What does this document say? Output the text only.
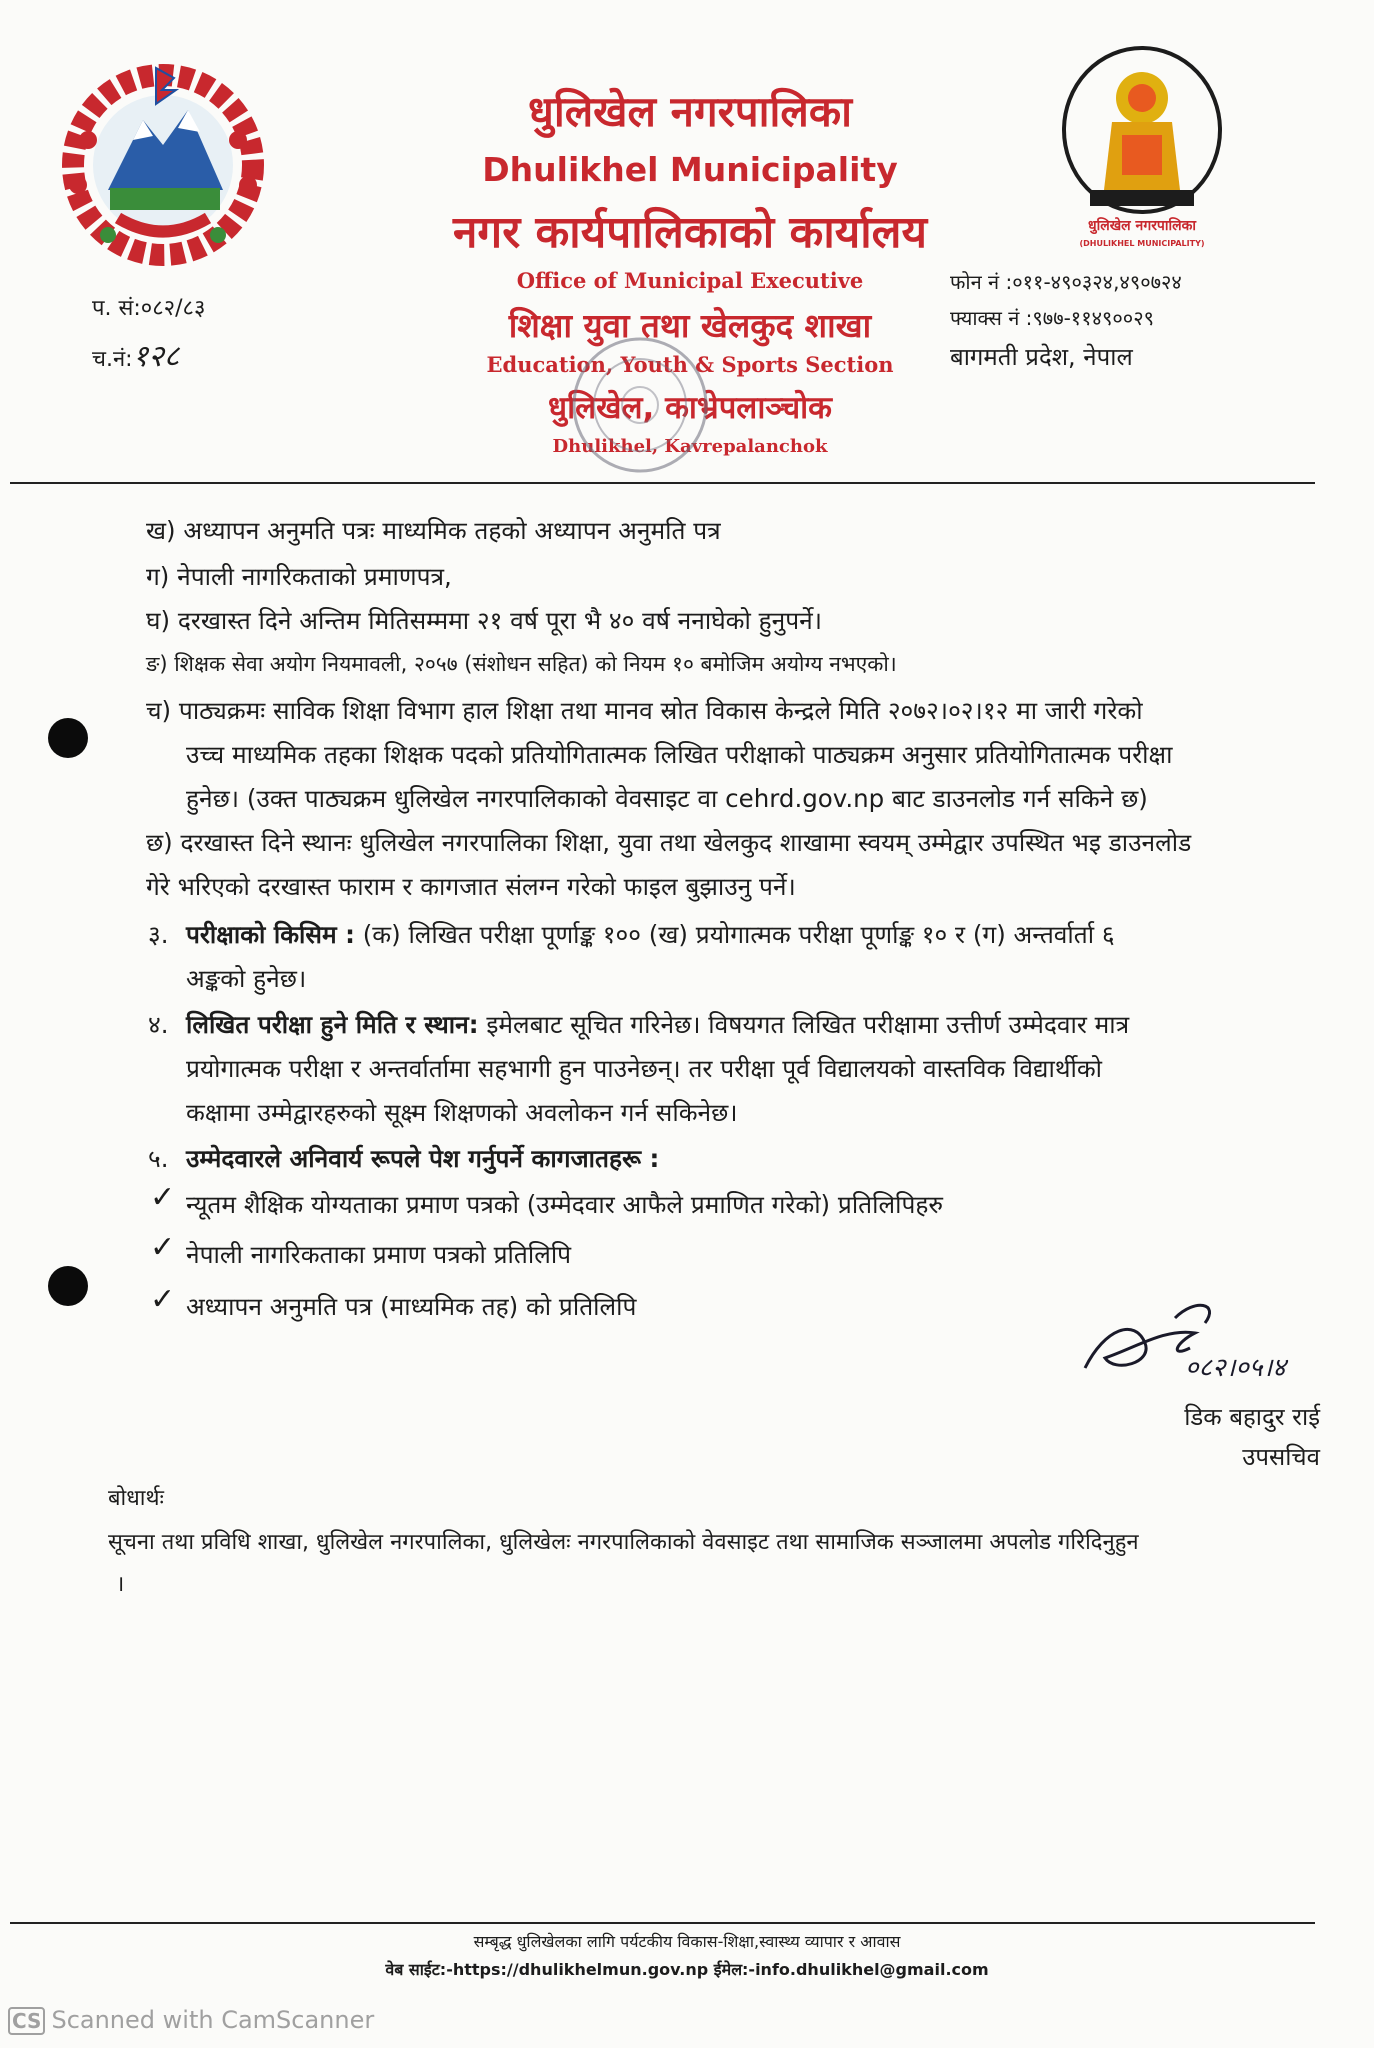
धुलिखेल नगरपालिका
Dhulikhel Municipality
नगर कार्यपालिकाको कार्यालय
Office of Municipal Executive
शिक्षा युवा तथा खेलकुद शाखा
Education, Youth & Sports Section
धुलिखेल, काभ्रेपलाञ्चोक
Dhulikhel, Kavrepalanchok
प. सं:०८२/८३
च.नं:१२८
धुलिखेल नगरपालिका
(DHULIKHEL MUNICIPALITY)
फोन नं :०११-४९०३२४,४९०७२४
फ्याक्स नं :९७७-११४९००२९
बागमती प्रदेश, नेपाल
ख) अध्यापन अनुमति पत्रः माध्यमिक तहको अध्यापन अनुमति पत्र
ग) नेपाली नागरिकताको प्रमाणपत्र,
घ) दरखास्त दिने अन्तिम मितिसम्ममा २१ वर्ष पूरा भै ४० वर्ष ननाघेको हुनुपर्ने।
ङ) शिक्षक सेवा अयोग नियमावली, २०५७ (संशोधन सहित) को नियम १० बमोजिम अयोग्य नभएको।
च) पाठ्यक्रमः साविक शिक्षा विभाग हाल शिक्षा तथा मानव स्रोत विकास केन्द्रले मिति २०७२।०२।१२ मा जारी गरेको
उच्च माध्यमिक तहका शिक्षक पदको प्रतियोगितात्मक लिखित परीक्षाको पाठ्यक्रम अनुसार प्रतियोगितात्मक परीक्षा
हुनेछ। (उक्त पाठ्यक्रम धुलिखेल नगरपालिकाको वेवसाइट वा cehrd.gov.np बाट डाउनलोड गर्न सकिने छ)
छ) दरखास्त दिने स्थानः धुलिखेल नगरपालिका शिक्षा, युवा तथा खेलकुद शाखामा स्वयम् उम्मेद्वार उपस्थित भइ डाउनलोड
गेरे भरिएको दरखास्त फाराम र कागजात संलग्न गरेको फाइल बुझाउनु पर्ने।
३. परीक्षाको किसिम : (क) लिखित परीक्षा पूर्णाङ्क १०० (ख) प्रयोगात्मक परीक्षा पूर्णाङ्क १० र (ग) अन्तर्वार्ता ६
अङ्कको हुनेछ।
४. लिखित परीक्षा हुने मिति र स्थान: इमेलबाट सूचित गरिनेछ। विषयगत लिखित परीक्षामा उत्तीर्ण उम्मेदवार मात्र
प्रयोगात्मक परीक्षा र अन्तर्वार्तामा सहभागी हुन पाउनेछन्। तर परीक्षा पूर्व विद्यालयको वास्तविक विद्यार्थीको
कक्षामा उम्मेद्वारहरुको सूक्ष्म शिक्षणको अवलोकन गर्न सकिनेछ।
५. उम्मेदवारले अनिवार्य रूपले पेश गर्नुपर्ने कागजातहरू :
✓ न्यूतम शैक्षिक योग्यताका प्रमाण पत्रको (उम्मेदवार आफैले प्रमाणित गरेको) प्रतिलिपिहरु
✓ नेपाली नागरिकताका प्रमाण पत्रको प्रतिलिपि
✓ अध्यापन अनुमति पत्र (माध्यमिक तह) को प्रतिलिपि
०८२।०५।४
डिक बहादुर राई
उपसचिव
बोधार्थः
सूचना तथा प्रविधि शाखा, धुलिखेल नगरपालिका, धुलिखेलः नगरपालिकाको वेवसाइट तथा सामाजिक सञ्जालमा अपलोड गरिदिनुहुन
।
सम्बृद्ध धुलिखेलका लागि पर्यटकीय विकास-शिक्षा,स्वास्थ्य व्यापार र आवास
वेब साईट:-https://dhulikhelmun.gov.np ईमेल:-info.dhulikhel@gmail.com
CS Scanned with CamScanner
